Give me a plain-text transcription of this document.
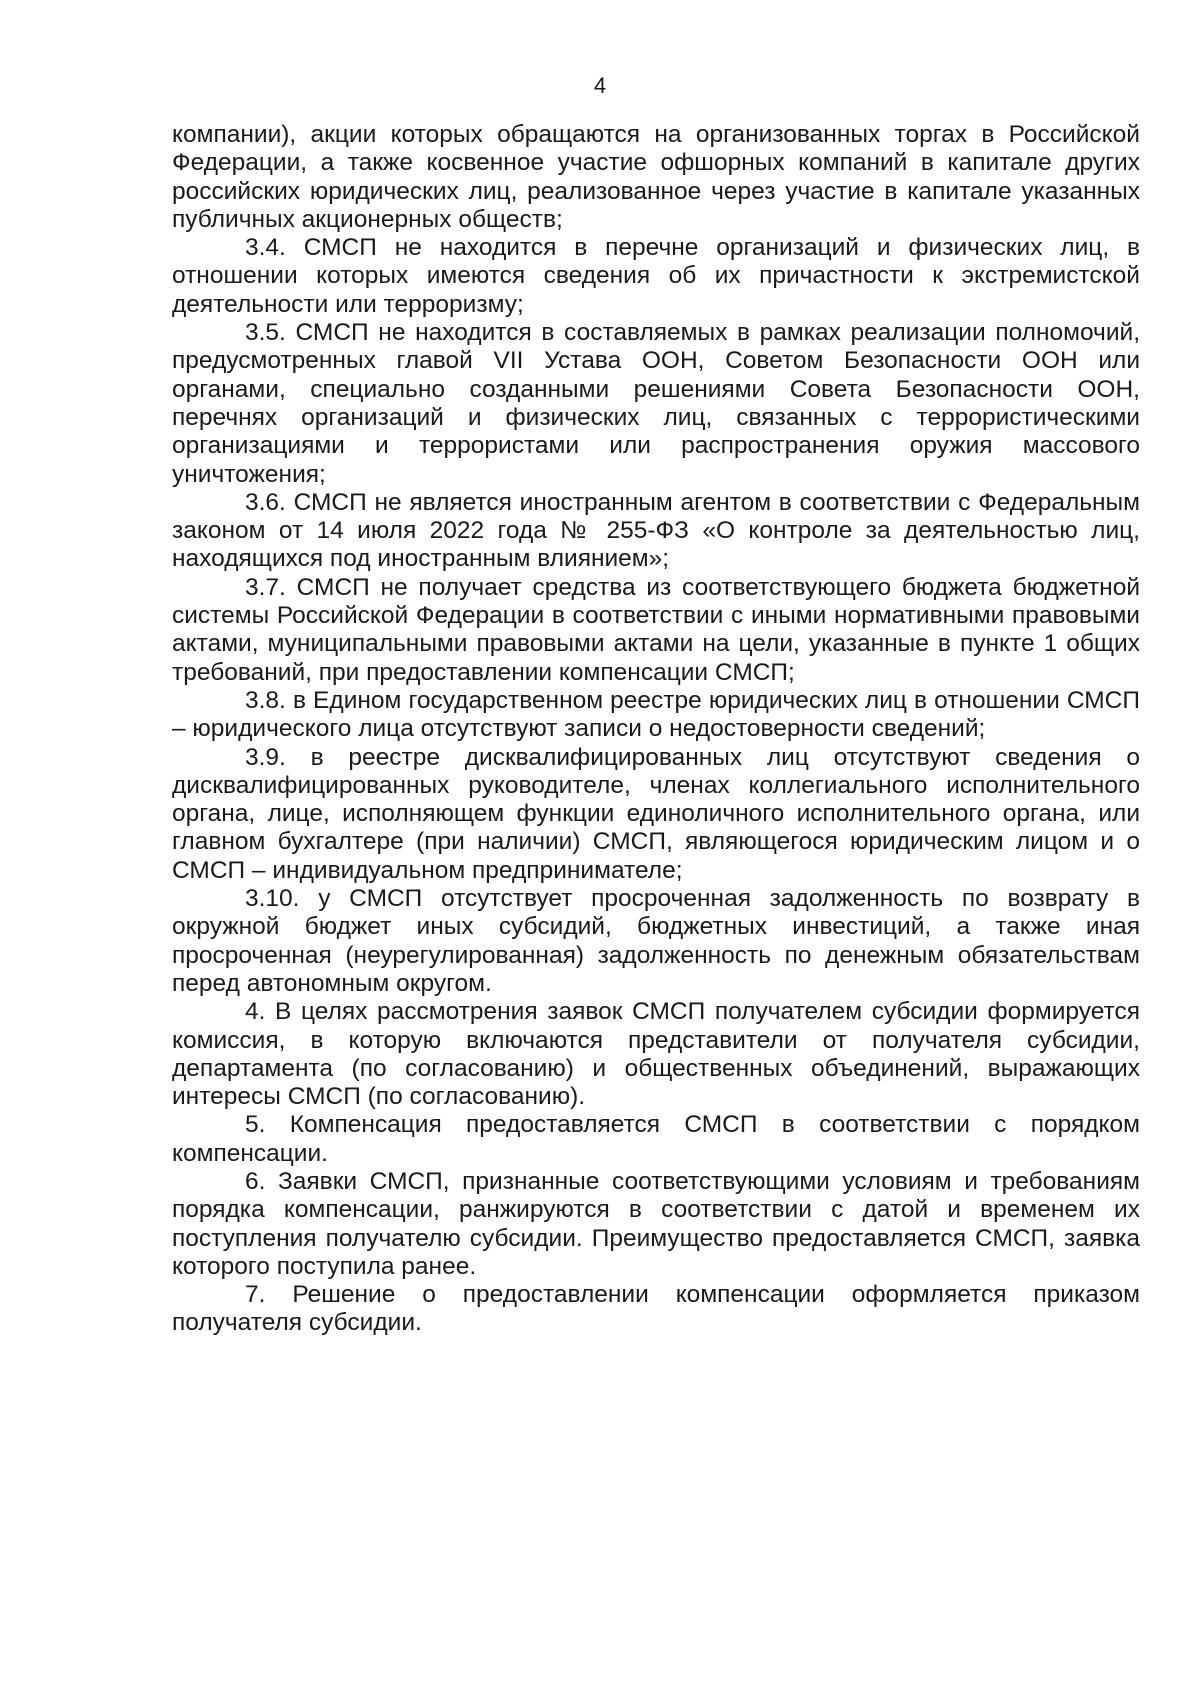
4

компании), акции которых обращаются на организованных торгах в Российской Федерации, а также косвенное участие офшорных компаний в капитале других российских юридических лиц, реализованное через участие в капитале указанных публичных акционерных обществ;

3.4. СМСП не находится в перечне организаций и физических лиц, в отношении которых имеются сведения об их причастности к экстремистской деятельности или терроризму;

3.5. СМСП не находится в составляемых в рамках реализации полномочий, предусмотренных главой VII Устава ООН, Советом Безопасности ООН или органами, специально созданными решениями Совета Безопасности ООН, перечнях организаций и физических лиц, связанных с террористическими организациями и террористами или распространения оружия массового уничтожения;

3.6. СМСП не является иностранным агентом в соответствии с Федеральным законом от 14 июля 2022 года № 255-ФЗ «О контроле за деятельностью лиц, находящихся под иностранным влиянием»;

3.7. СМСП не получает средства из соответствующего бюджета бюджетной системы Российской Федерации в соответствии с иными нормативными правовыми актами, муниципальными правовыми актами на цели, указанные в пункте 1 общих требований, при предоставлении компенсации СМСП;

3.8. в Едином государственном реестре юридических лиц в отношении СМСП – юридического лица отсутствуют записи о недостоверности сведений;

3.9. в реестре дисквалифицированных лиц отсутствуют сведения о дисквалифицированных руководителе, членах коллегиального исполнительного органа, лице, исполняющем функции единоличного исполнительного органа, или главном бухгалтере (при наличии) СМСП, являющегося юридическим лицом и о СМСП – индивидуальном предпринимателе;

3.10. у СМСП отсутствует просроченная задолженность по возврату в окружной бюджет иных субсидий, бюджетных инвестиций, а также иная просроченная (неурегулированная) задолженность по денежным обязательствам перед автономным округом.

4. В целях рассмотрения заявок СМСП получателем субсидии формируется комиссия, в которую включаются представители от получателя субсидии, департамента (по согласованию) и общественных объединений, выражающих интересы СМСП (по согласованию).

5. Компенсация предоставляется СМСП в соответствии с порядком компенсации.

6. Заявки СМСП, признанные соответствующими условиям и требованиям порядка компенсации, ранжируются в соответствии с датой и временем их поступления получателю субсидии. Преимущество предоставляется СМСП, заявка которого поступила ранее.

7. Решение о предоставлении компенсации оформляется приказом получателя субсидии.
